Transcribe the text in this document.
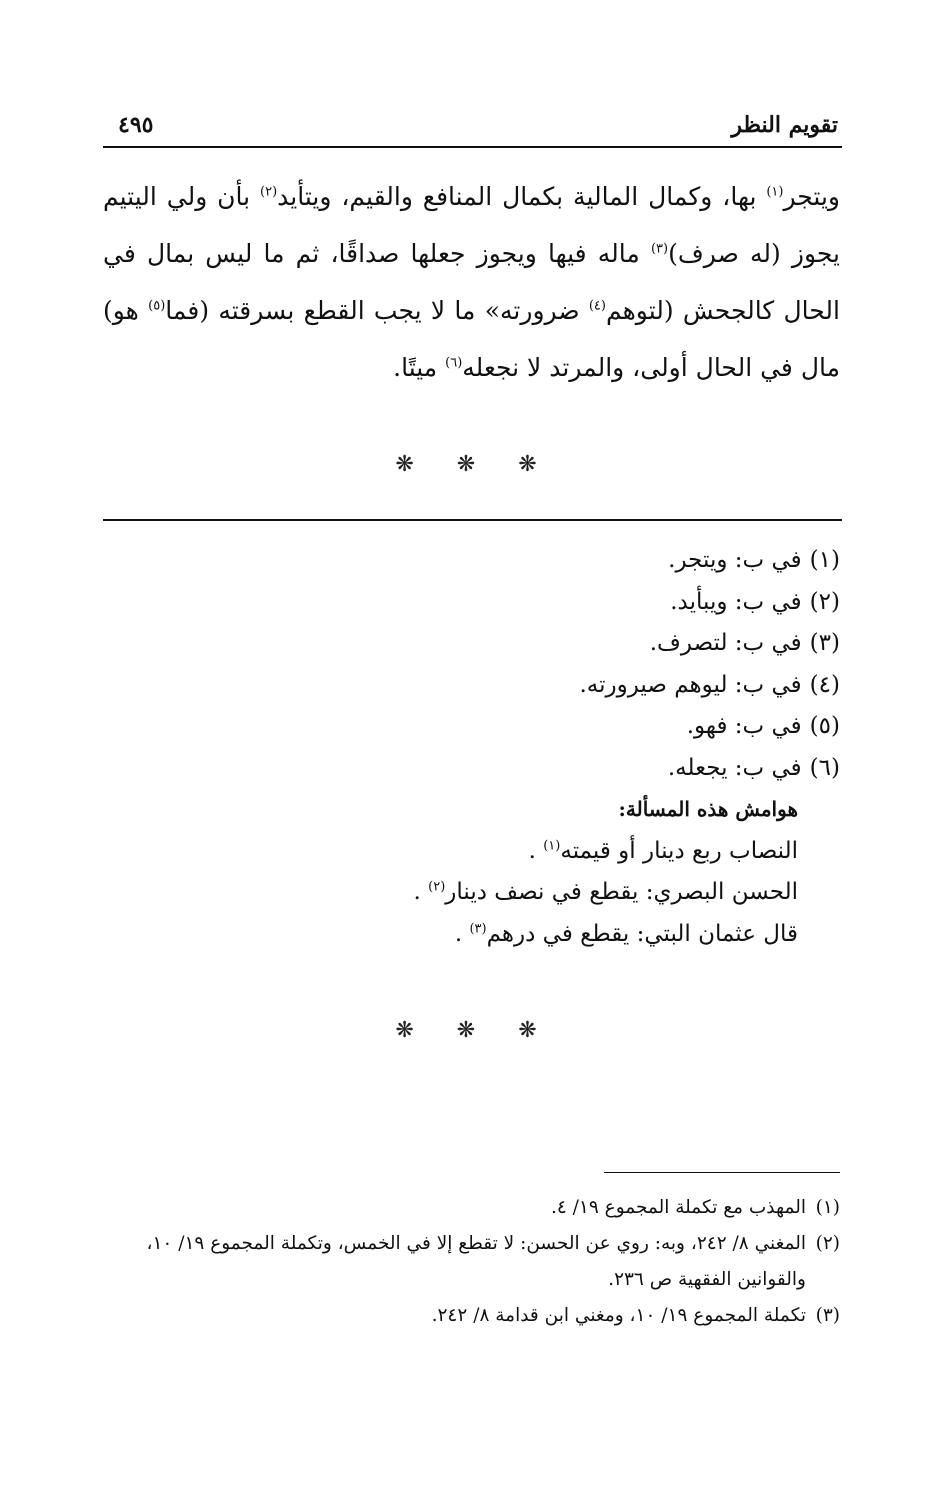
تقويم النظر
٤٩٥

ويتجر$^{(١)}$ بها، وكمال المالية بكمال المنافع والقيم، ويتأيد$^{(٢)}$ بأن ولي اليتيم يجوز (له صرف)$^{(٣)}$ ماله فيها ويجوز جعلها صداقًا، ثم ما ليس بمال في الحال كالجحش (لتوهم$^{(٤)}$ ضرورته» ما لا يجب القطع بسرقته (فما$^{(٥)}$ هو) مال في الحال أولى، والمرتد لا نجعله$^{(٦)}$ ميتًا.

❋ ❋ ❋
(١)في ب: ويتجر.
(٢)في ب: ويبأيد.
(٣)في ب: لتصرف.
(٤)في ب: ليوهم صيرورته.
(٥)في ب: فهو.
(٦)في ب: يجعله.
هوامش هذه المسألة:
النصاب ربع دينار أو قيمته$^{(١)}$ .
الحسن البصري: يقطع في نصف دينار$^{(٢)}$ .
قال عثمان البتي: يقطع في درهم$^{(٣)}$ .
❋ ❋ ❋

(١)المهذب مع تكملة المجموع ١٩/ ٤.

(٢)المغني ٨/ ٢٤٢، وبه: روي عن الحسن: لا تقطع إلا في الخمس، وتكملة المجموع ١٩/ ١٠، والقوانين الفقهية ص ٢٣٦.

(٣)تكملة المجموع ١٩/ ١٠، ومغني ابن قدامة ٨/ ٢٤٢.
